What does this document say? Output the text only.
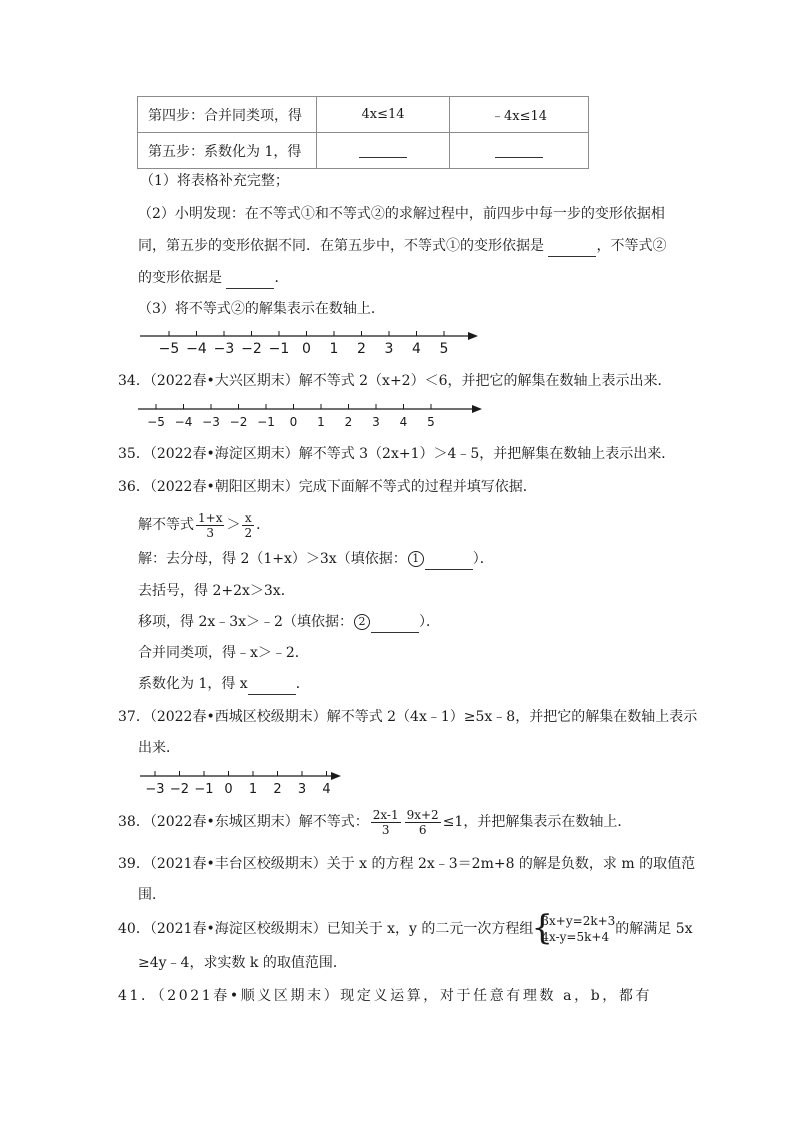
第四步：合并同类项，得	4x≤14	﹣4x≤14
第五步：系数化为 1，得		
（1）将表格补充完整；
（2）小明发现：在不等式①和不等式②的求解过程中，前四步中每一步的变形依据相
同，第五步的变形依据不同．在第五步中，不等式①的变形依据是	，不等式②
的变形依据是	．
（3）将不等式②的解集表示在数轴上．
−5 −4 −3 −2 −1 0 1 2 3 4 5
34．（2022春•大兴区期末）解不等式 2（x+2）＜6，并把它的解集在数轴上表示出来．
−5 −4 −3 −2 −1 0 1 2 3 4 5
35．（2022春•海淀区期末）解不等式 3（2x+1）＞4﹣5，并把解集在数轴上表示出来．
36．（2022春•朝阳区期末）完成下面解不等式的过程并填写依据．
解不等式 $\frac{1+x}{3} > \frac{x}{2}$ ．
解：去分母，得 2（1+x）＞3x（填依据： 1	）．
去括号，得 2+2x＞3x．
移项，得 2x﹣3x＞﹣2（填依据： 2	）．
合并同类项，得﹣x＞﹣2．
系数化为 1，得 x	．
37．（2022春•西城区校级期末）解不等式 2（4x﹣1）≥5x﹣8，并把它的解集在数轴上表示
出来．
−3 −2 −1 0 1 2 3 4
38．（2022春•东城区期末）解不等式： $\frac{2x-1}{3} \frac{9x+2}{6} \le 1$，并把解集表示在数轴上．
39．（2021春•丰台区校级期末）关于 x 的方程 2x﹣3＝2m+8 的解是负数，求 m 的取值范
围．
40．（2021春•海淀区校级期末）已知关于 x，y 的二元一次方程组
{
3x+y=2k+3
4x-y=5k+4 的解满足 5x
≥4y﹣4，求实数 k 的取值范围．
41．（2021春•顺义区期末）现定义运算，对于任意有理数 a，b，都有
